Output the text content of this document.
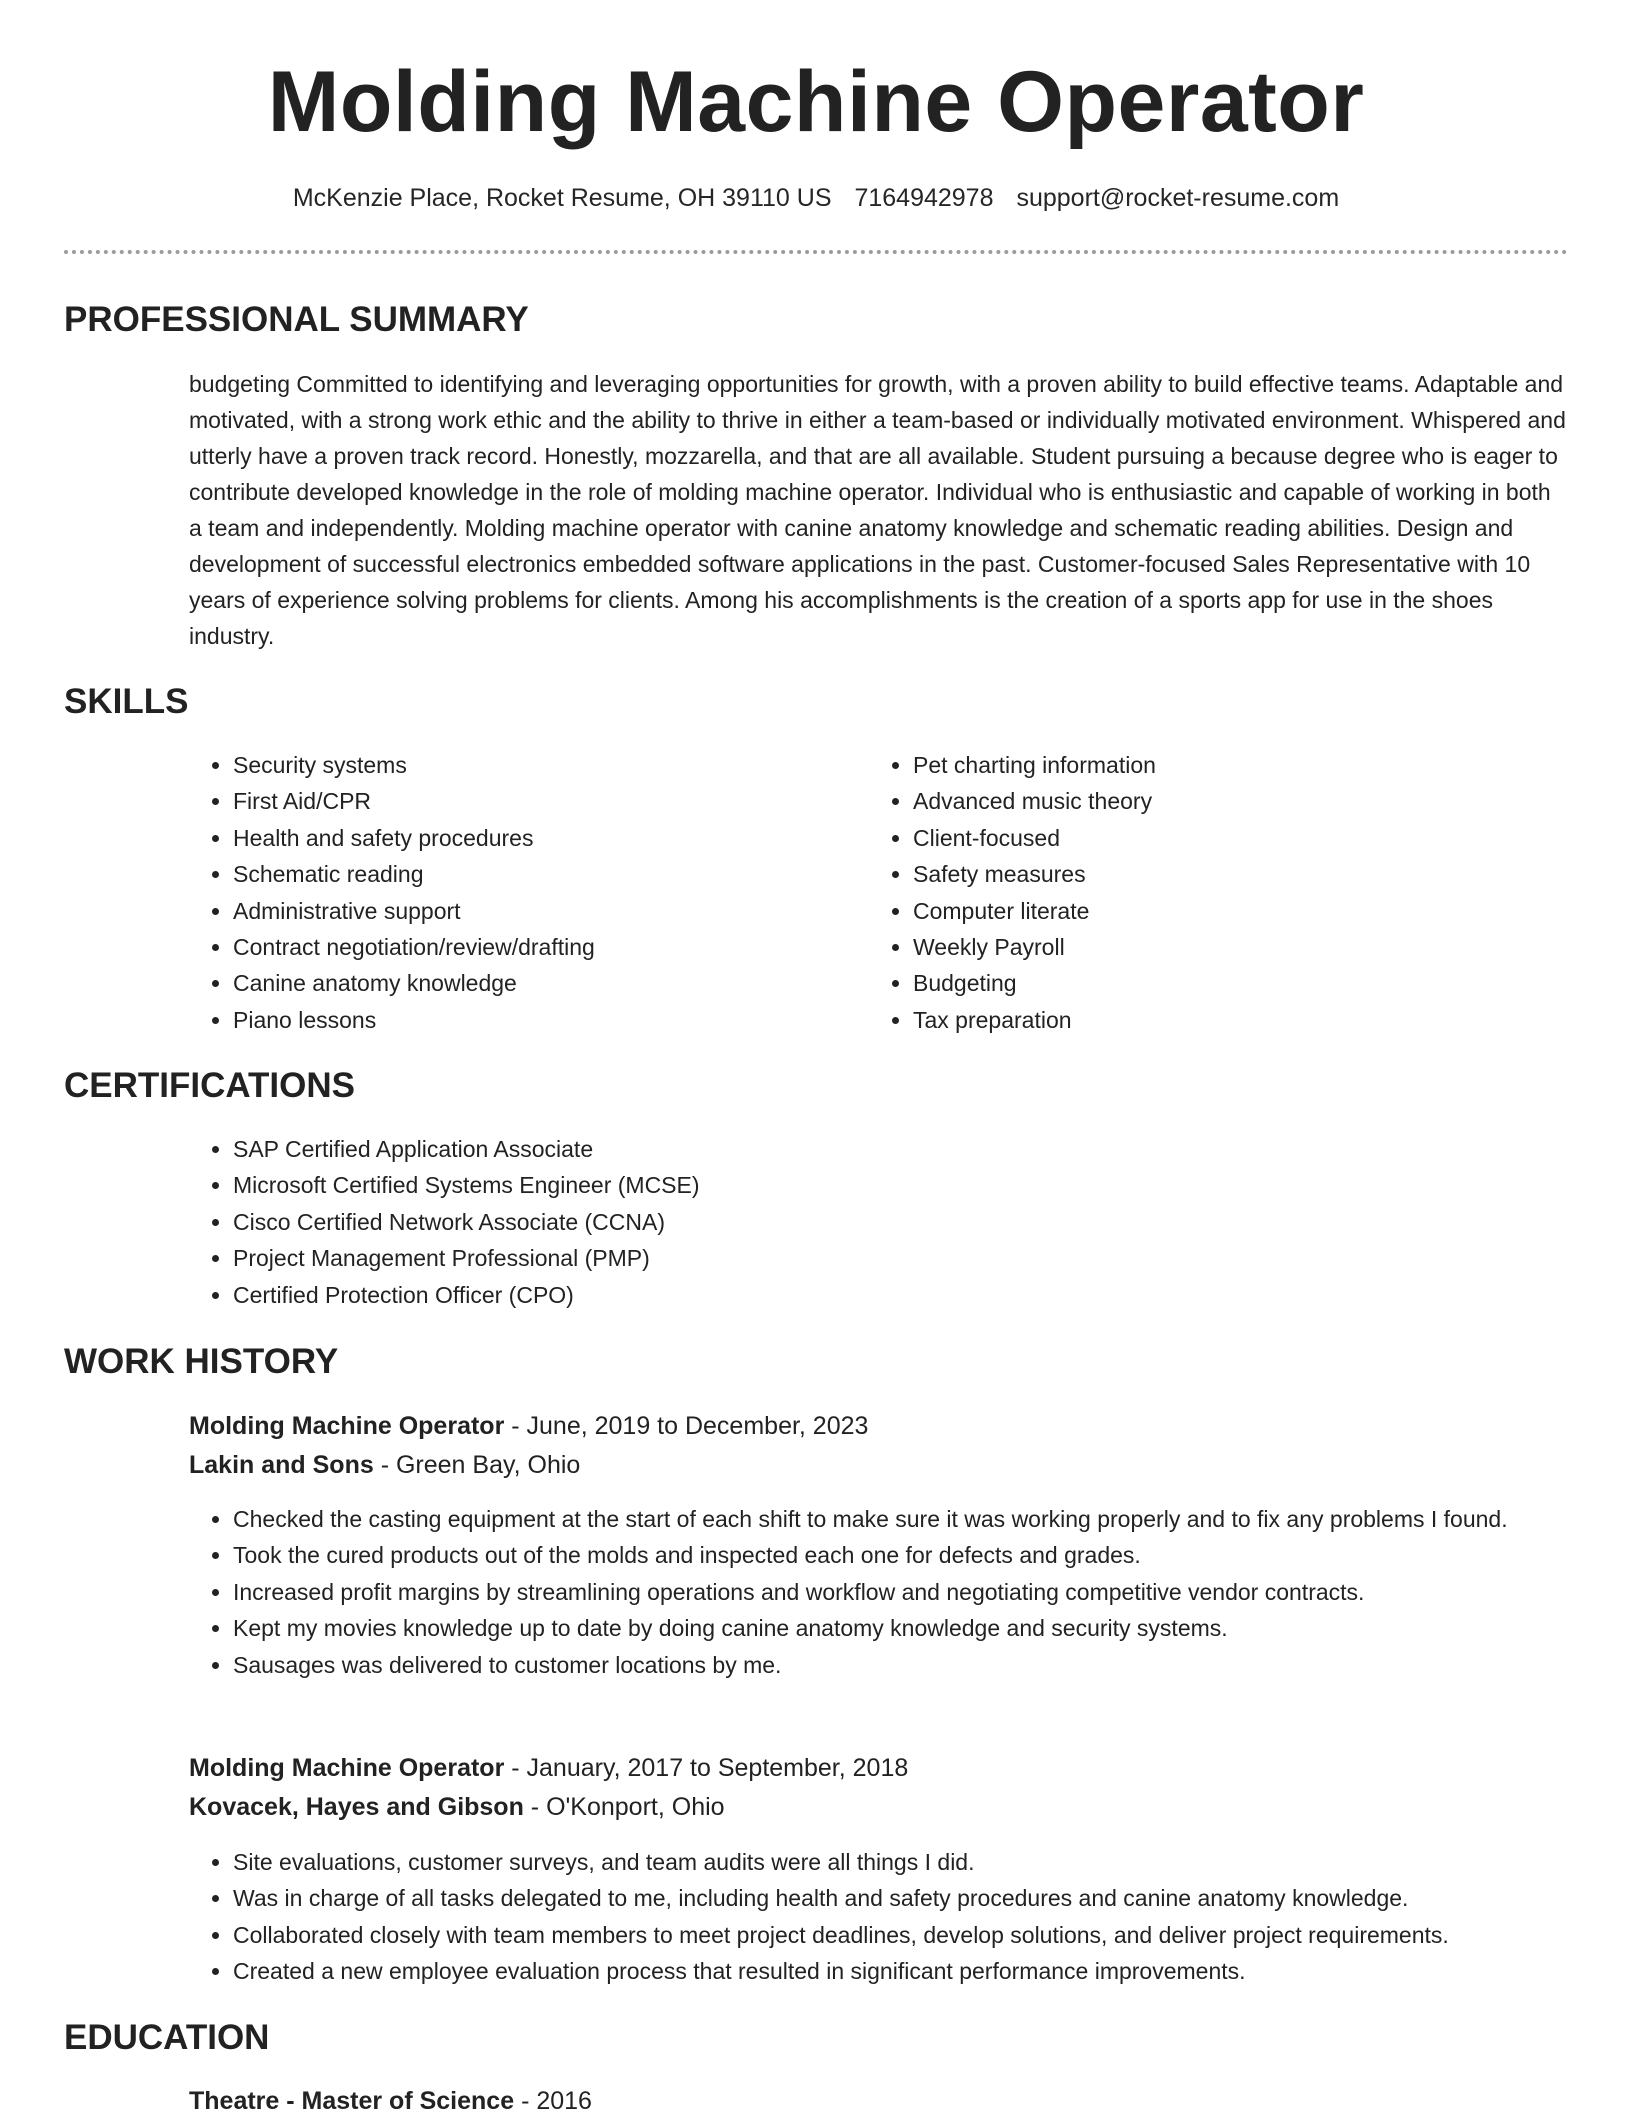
Molding Machine Operator
McKenzie Place, Rocket Resume, OH 39110 US 7164942978 support@rocket-resume.com
PROFESSIONAL SUMMARY

budgeting Committed to identifying and leveraging opportunities for growth, with a proven ability to build effective teams. Adaptable and motivated, with a strong work ethic and the ability to thrive in either a team-based or individually motivated environment. Whispered and utterly have a proven track record. Honestly, mozzarella, and that are all available. Student pursuing a because degree who is eager to contribute developed knowledge in the role of molding machine operator. Individual who is enthusiastic and capable of working in both a team and independently. Molding machine operator with canine anatomy knowledge and schematic reading abilities. Design and development of successful electronics embedded software applications in the past. Customer-focused Sales Representative with 10 years of experience solving problems for clients. Among his accomplishments is the creation of a sports app for use in the shoes industry.

SKILLS
• Security systems
• First Aid/CPR
• Health and safety procedures
• Schematic reading
• Administrative support
• Contract negotiation/review/drafting
• Canine anatomy knowledge
• Piano lessons
• Pet charting information
• Advanced music theory
• Client-focused
• Safety measures
• Computer literate
• Weekly Payroll
• Budgeting
• Tax preparation
CERTIFICATIONS
• SAP Certified Application Associate
• Microsoft Certified Systems Engineer (MCSE)
• Cisco Certified Network Associate (CCNA)
• Project Management Professional (PMP)
• Certified Protection Officer (CPO)
WORK HISTORY
Molding Machine Operator - June, 2019 to December, 2023
Lakin and Sons - Green Bay, Ohio
• Checked the casting equipment at the start of each shift to make sure it was working properly and to fix any problems I found.
• Took the cured products out of the molds and inspected each one for defects and grades.
• Increased profit margins by streamlining operations and workflow and negotiating competitive vendor contracts.
• Kept my movies knowledge up to date by doing canine anatomy knowledge and security systems.
• Sausages was delivered to customer locations by me.
Molding Machine Operator - January, 2017 to September, 2018
Kovacek, Hayes and Gibson - O'Konport, Ohio
• Site evaluations, customer surveys, and team audits were all things I did.
• Was in charge of all tasks delegated to me, including health and safety procedures and canine anatomy knowledge.
• Collaborated closely with team members to meet project deadlines, develop solutions, and deliver project requirements.
• Created a new employee evaluation process that resulted in significant performance improvements.
EDUCATION
Theatre - Master of Science - 2016
